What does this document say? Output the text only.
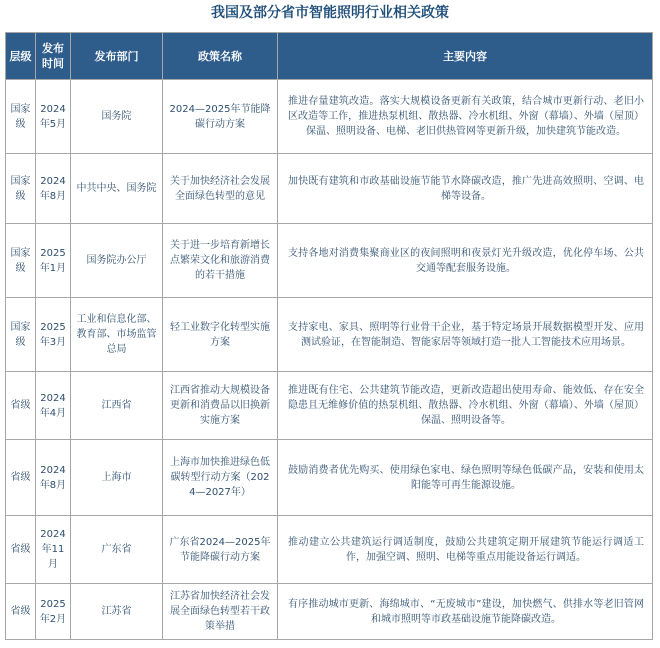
我国及部分省市智能照明行业相关政策
层级	发布时间	发布部门	政策名称	主要内容
国家级	2024年5月	国务院	2024—2025年节能降碳行动方案	推进存量建筑改造。落实大规模设备更新有关政策，结合城市更新行动、老旧小区改造等工作，推进热泵机组、散热器、冷水机组、外窗（幕墙）、外墙（屋顶）保温、照明设备、电梯、老旧供热管网等更新升级，加快建筑节能改造。

国家级	2024年8月	中共中央、国务院	关于加快经济社会发展全面绿色转型的意见	加快既有建筑和市政基础设施节能节水降碳改造，推广先进高效照明、空调、电梯等设备。

国家级	2025年1月	国务院办公厅	关于进一步培育新增长点繁荣文化和旅游消费的若干措施	支持各地对消费集聚商业区的夜间照明和夜景灯光升级改造，优化停车场、公共交通等配套服务设施。

国家级	2025年3月	工业和信息化部、教育部、市场监管总局	轻工业数字化转型实施方案	支持家电、家具、照明等行业骨干企业，基于特定场景开展数据模型开发、应用测试验证，在智能制造、智能家居等领域打造一批人工智能技术应用场景。

省级	2024年4月	江西省	江西省推动大规模设备更新和消费品以旧换新实施方案	推进既有住宅、公共建筑节能改造，更新改造超出使用寿命、能效低、存在安全隐患且无维修价值的热泵机组、散热器、冷水机组、外窗（幕墙）、外墙（屋顶）保温、照明设备等。

省级	2024年8月	上海市	上海市加快推进绿色低碳转型行动方案（2024—2027年）	鼓励消费者优先购买、使用绿色家电、绿色照明等绿色低碳产品，安装和使用太阳能等可再生能源设施。

省级	2024年11月	广东省	广东省2024—2025年节能降碳行动方案	推动建立公共建筑运行调适制度，鼓励公共建筑定期开展建筑节能运行调适工作，加强空调、照明、电梯等重点用能设备运行调适。

省级	2025年2月	江苏省	江苏省加快经济社会发展全面绿色转型若干政策举措	有序推动城市更新、海绵城市、“无废城市”建设，加快燃气、供排水等老旧管网和城市照明等市政基础设施节能降碳改造。
